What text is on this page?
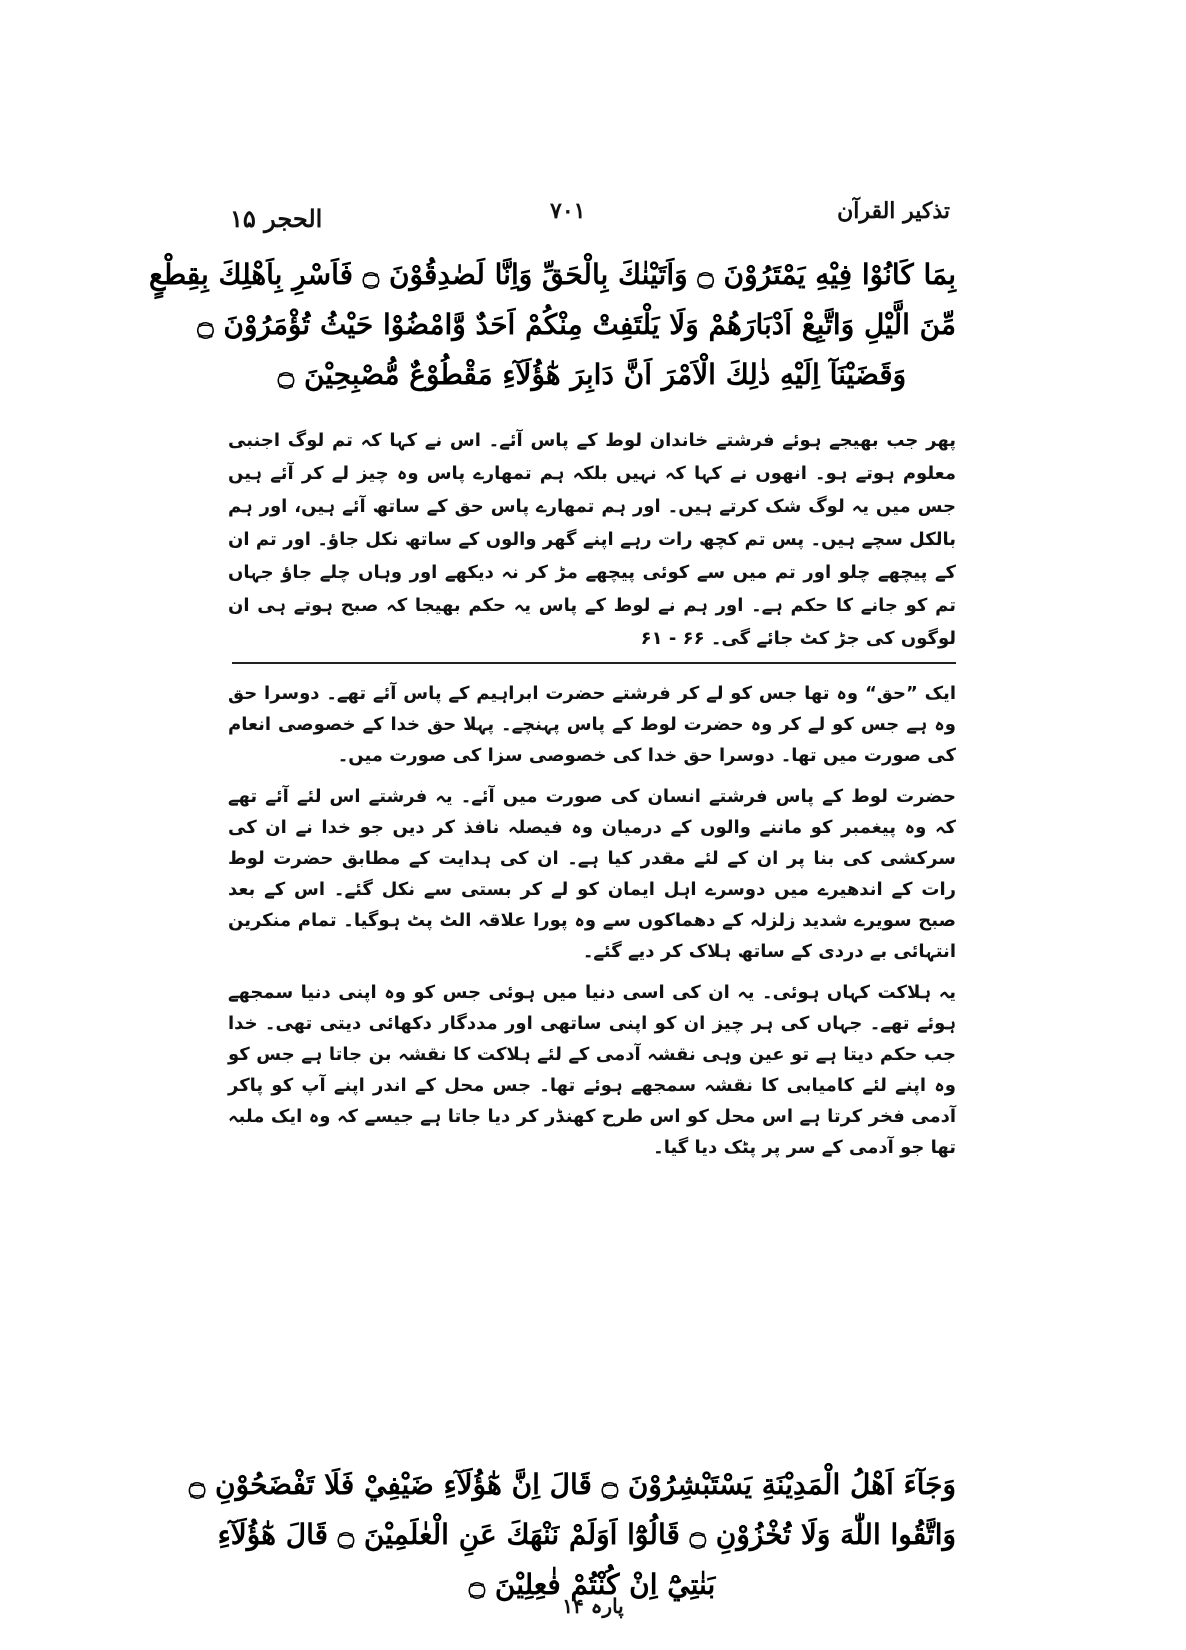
تذکیر القرآن
۷۰۱
الحجر ۱۵
بِمَا كَانُوْا فِيْهِ يَمْتَرُوْنَ ۝ وَاَتَيْنٰكَ بِالْحَقِّ وَاِنَّا لَصٰدِقُوْنَ ۝ فَاَسْرِ بِاَهْلِكَ بِقِطْعٍ
مِّنَ الَّيْلِ وَاتَّبِعْ اَدْبَارَهُمْ وَلَا يَلْتَفِتْ مِنْكُمْ اَحَدٌ وَّامْضُوْا حَيْثُ تُؤْمَرُوْنَ ۝
وَقَضَيْنَآ اِلَيْهِ ذٰلِكَ الْاَمْرَ اَنَّ دَابِرَ هٰٓؤُلَآءِ مَقْطُوْعٌ مُّصْبِحِيْنَ ۝

پھر جب بھیجے ہوئے فرشتے خاندان لوط کے پاس آئے۔ اس نے کہا کہ تم لوگ اجنبی معلوم ہوتے ہو۔ انھوں نے کہا کہ نہیں بلکہ ہم تمھارے پاس وہ چیز لے کر آئے ہیں جس میں یہ لوگ شک کرتے ہیں۔ اور ہم تمھارے پاس حق کے ساتھ آئے ہیں، اور ہم بالکل سچے ہیں۔ پس تم کچھ رات رہے اپنے گھر والوں کے ساتھ نکل جاؤ۔ اور تم ان کے پیچھے چلو اور تم میں سے کوئی پیچھے مڑ کر نہ دیکھے اور وہاں چلے جاؤ جہاں تم کو جانے کا حکم ہے۔ اور ہم نے لوط کے پاس یہ حکم بھیجا کہ صبح ہوتے ہی ان لوگوں کی جڑ کٹ جائے گی۔ ۶۶ - ۶۱

ایک ”حق“ وہ تھا جس کو لے کر فرشتے حضرت ابراہیم کے پاس آئے تھے۔ دوسرا حق وہ ہے جس کو لے کر وہ حضرت لوط کے پاس پہنچے۔ پہلا حق خدا کے خصوصی انعام کی صورت میں تھا۔ دوسرا حق خدا کی خصوصی سزا کی صورت میں۔

حضرت لوط کے پاس فرشتے انسان کی صورت میں آئے۔ یہ فرشتے اس لئے آئے تھے کہ وہ پیغمبر کو ماننے والوں کے درمیان وہ فیصلہ نافذ کر دیں جو خدا نے ان کی سرکشی کی بنا پر ان کے لئے مقدر کیا ہے۔ ان کی ہدایت کے مطابق حضرت لوط رات کے اندھیرے میں دوسرے اہل ایمان کو لے کر بستی سے نکل گئے۔ اس کے بعد صبح سویرے شدید زلزلہ کے دھماکوں سے وہ پورا علاقہ الٹ پٹ ہوگیا۔ تمام منکرین انتہائی بے دردی کے ساتھ ہلاک کر دیے گئے۔

یہ ہلاکت کہاں ہوئی۔ یہ ان کی اسی دنیا میں ہوئی جس کو وہ اپنی دنیا سمجھے ہوئے تھے۔ جہاں کی ہر چیز ان کو اپنی ساتھی اور مددگار دکھائی دیتی تھی۔ خدا جب حکم دیتا ہے تو عین وہی نقشہ آدمی کے لئے ہلاکت کا نقشہ بن جاتا ہے جس کو وہ اپنے لئے کامیابی کا نقشہ سمجھے ہوئے تھا۔ جس محل کے اندر اپنے آپ کو پاکر آدمی فخر کرتا ہے اس محل کو اس طرح کھنڈر کر دیا جاتا ہے جیسے کہ وہ ایک ملبہ تھا جو آدمی کے سر پر پٹک دیا گیا۔

وَجَآءَ اَهْلُ الْمَدِيْنَةِ يَسْتَبْشِرُوْنَ ۝ قَالَ اِنَّ هٰٓؤُلَآءِ ضَيْفِيْ فَلَا تَفْضَحُوْنِ ۝
وَاتَّقُوا اللّٰهَ وَلَا تُخْزُوْنِ ۝ قَالُوْٓا اَوَلَمْ نَنْهَكَ عَنِ الْعٰلَمِيْنَ ۝ قَالَ هٰٓؤُلَآءِ
بَنٰتِيْٓ اِنْ كُنْتُمْ فٰعِلِيْنَ ۝
پارہ ۱۴
